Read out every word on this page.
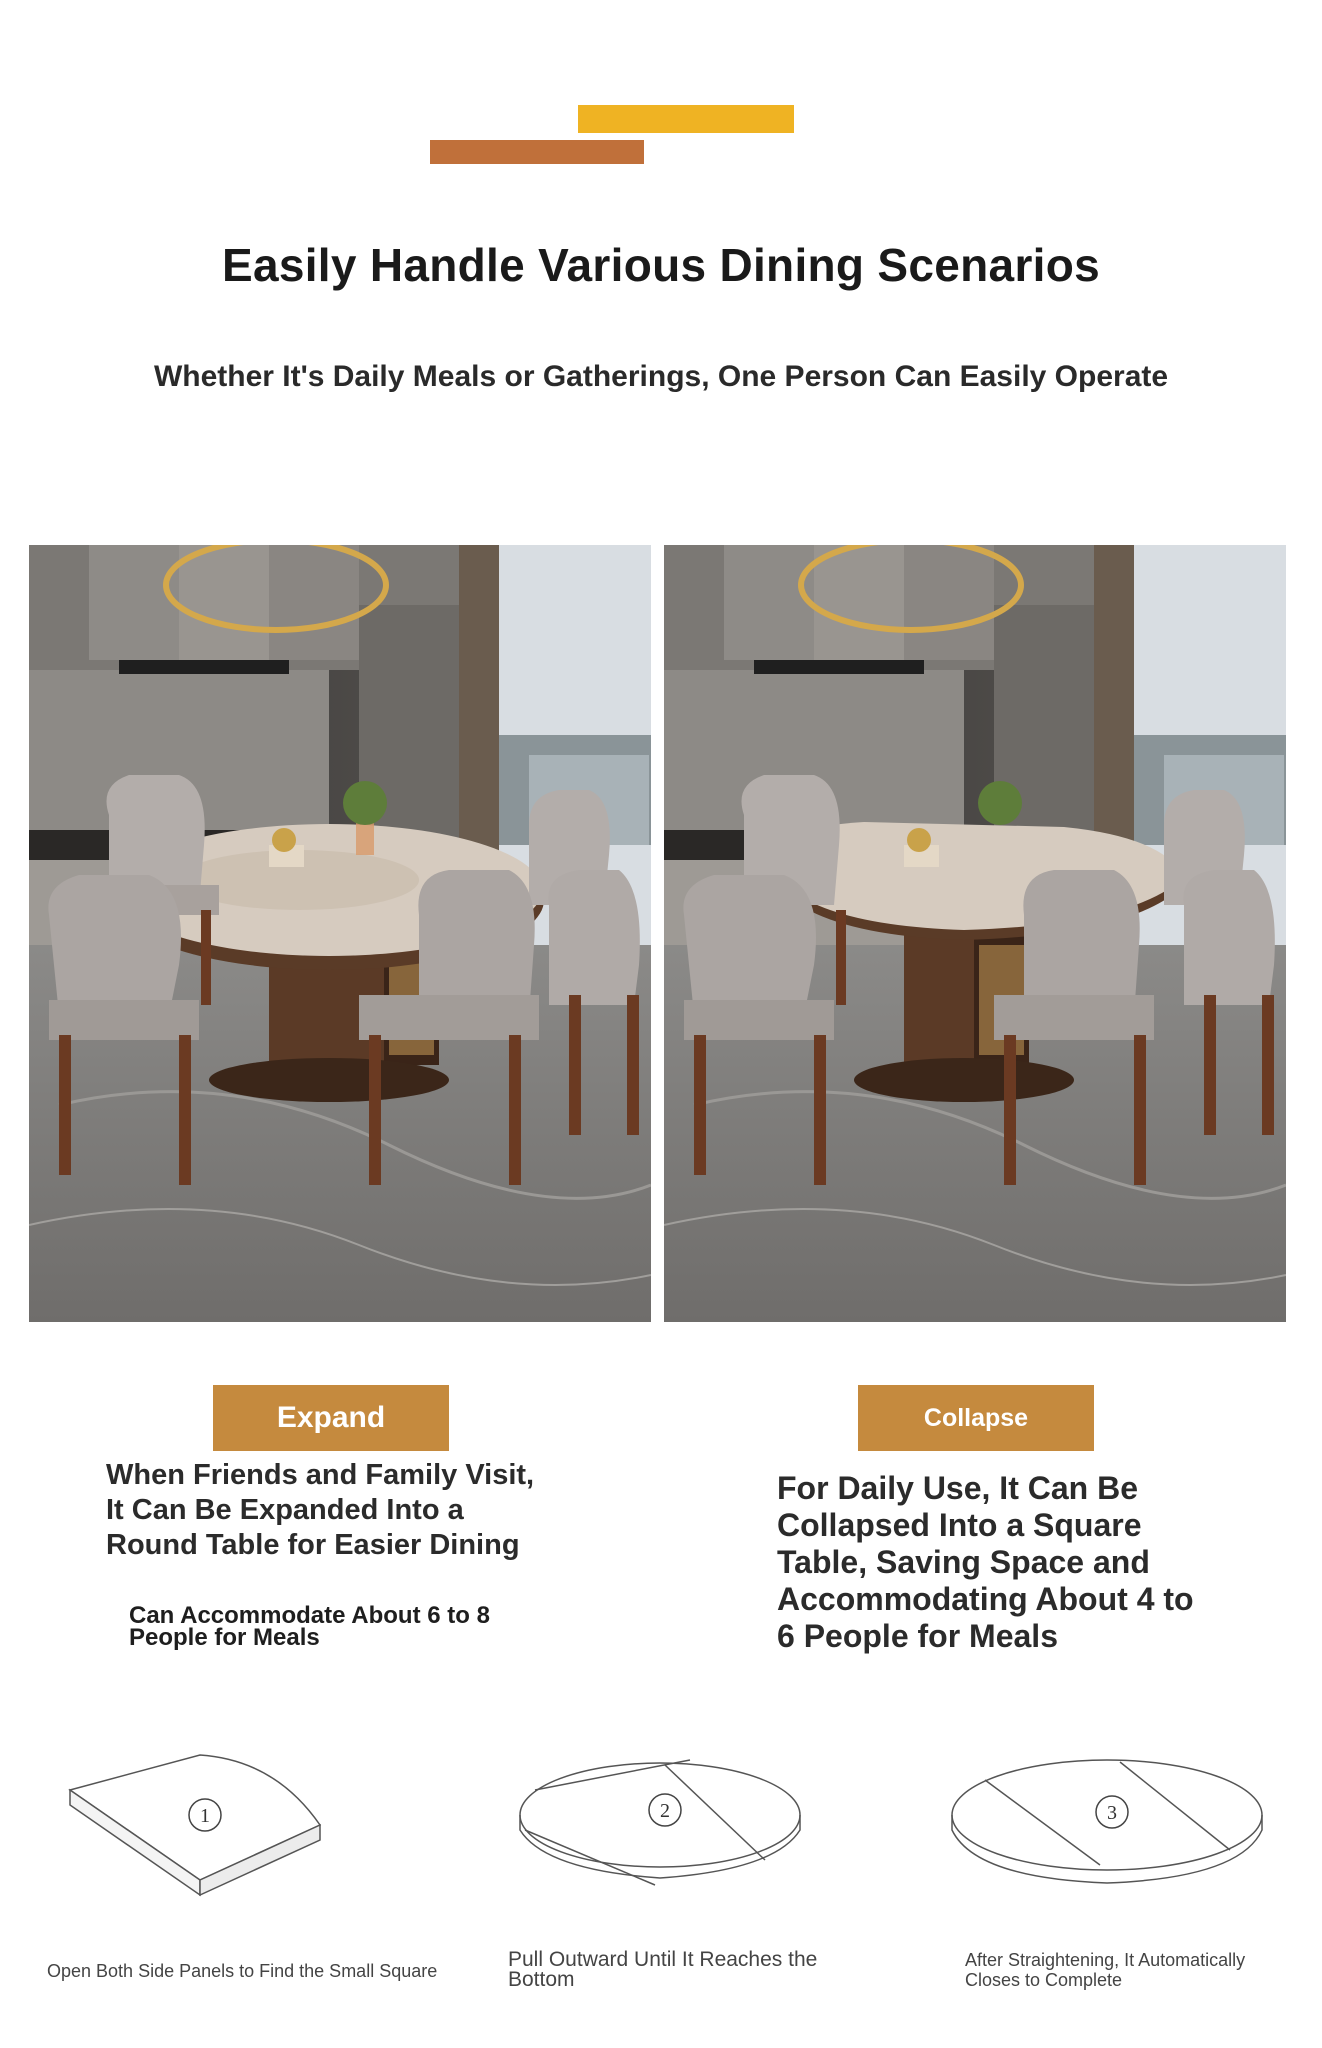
Easily Handle Various Dining Scenarios
Whether It's Daily Meals or Gatherings, One Person Can Easily Operate
Expand	Collapse

When Friends and Family Visit, It Can Be Expanded Into a Round Table for Easier Dining

Can Accommodate About 6 to 8 People for Meals

For Daily Use, It Can Be Collapsed Into a Square Table, Saving Space and Accommodating About 4 to 6 People for Meals

1	2	3

Open Both Side Panels to Find the Small Square	Pull Outward Until It Reaches the Bottom

After Straightening, It Automatically Closes to Complete
